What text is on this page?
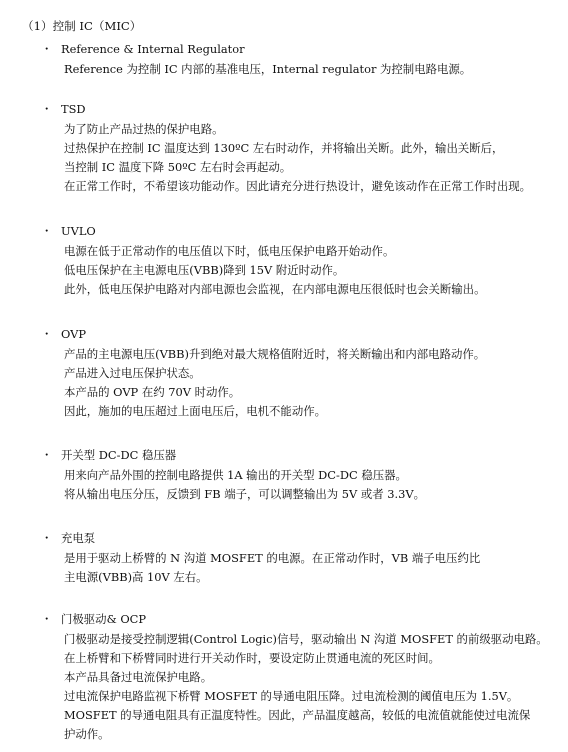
（1）控制 IC（MIC）
・ Reference & Internal Regulator
Reference 为控制 IC 内部的基准电压，Internal regulator 为控制电路电源。
・ TSD
为了防止产品过热的保护电路。
过热保护在控制 IC 温度达到 130ºC 左右时动作，并将输出关断。此外，输出关断后，
当控制 IC 温度下降 50ºC 左右时会再起动。
在正常工作时，不希望该功能动作。因此请充分进行热设计，避免该动作在正常工作时出现。
・ UVLO
电源在低于正常动作的电压值以下时，低电压保护电路开始动作。
低电压保护在主电源电压(VBB)降到 15V 附近时动作。
此外，低电压保护电路对内部电源也会监视，在内部电源电压很低时也会关断输出。
・ OVP
产品的主电源电压(VBB)升到绝对最大规格值附近时，将关断输出和内部电路动作。
产品进入过电压保护状态。
本产品的 OVP 在约 70V 时动作。
因此，施加的电压超过上面电压后，电机不能动作。
・ 开关型 DC-DC 稳压器
用来向产品外围的控制电路提供 1A 输出的开关型 DC-DC 稳压器。
将从输出电压分压，反馈到 FB 端子，可以调整输出为 5V 或者 3.3V。
・ 充电泵
是用于驱动上桥臂的 N 沟道 MOSFET 的电源。在正常动作时，VB 端子电压约比
主电源(VBB)高 10V 左右。
・ 门极驱动& OCP
门极驱动是接受控制逻辑(Control Logic)信号，驱动输出 N 沟道 MOSFET 的前级驱动电路。
在上桥臂和下桥臂同时进行开关动作时，要设定防止贯通电流的死区时间。
本产品具备过电流保护电路。
过电流保护电路监视下桥臂 MOSFET 的导通电阻压降。过电流检测的阈值电压为 1.5V。
MOSFET 的导通电阻具有正温度特性。因此，产品温度越高，较低的电流值就能使过电流保
护动作。
